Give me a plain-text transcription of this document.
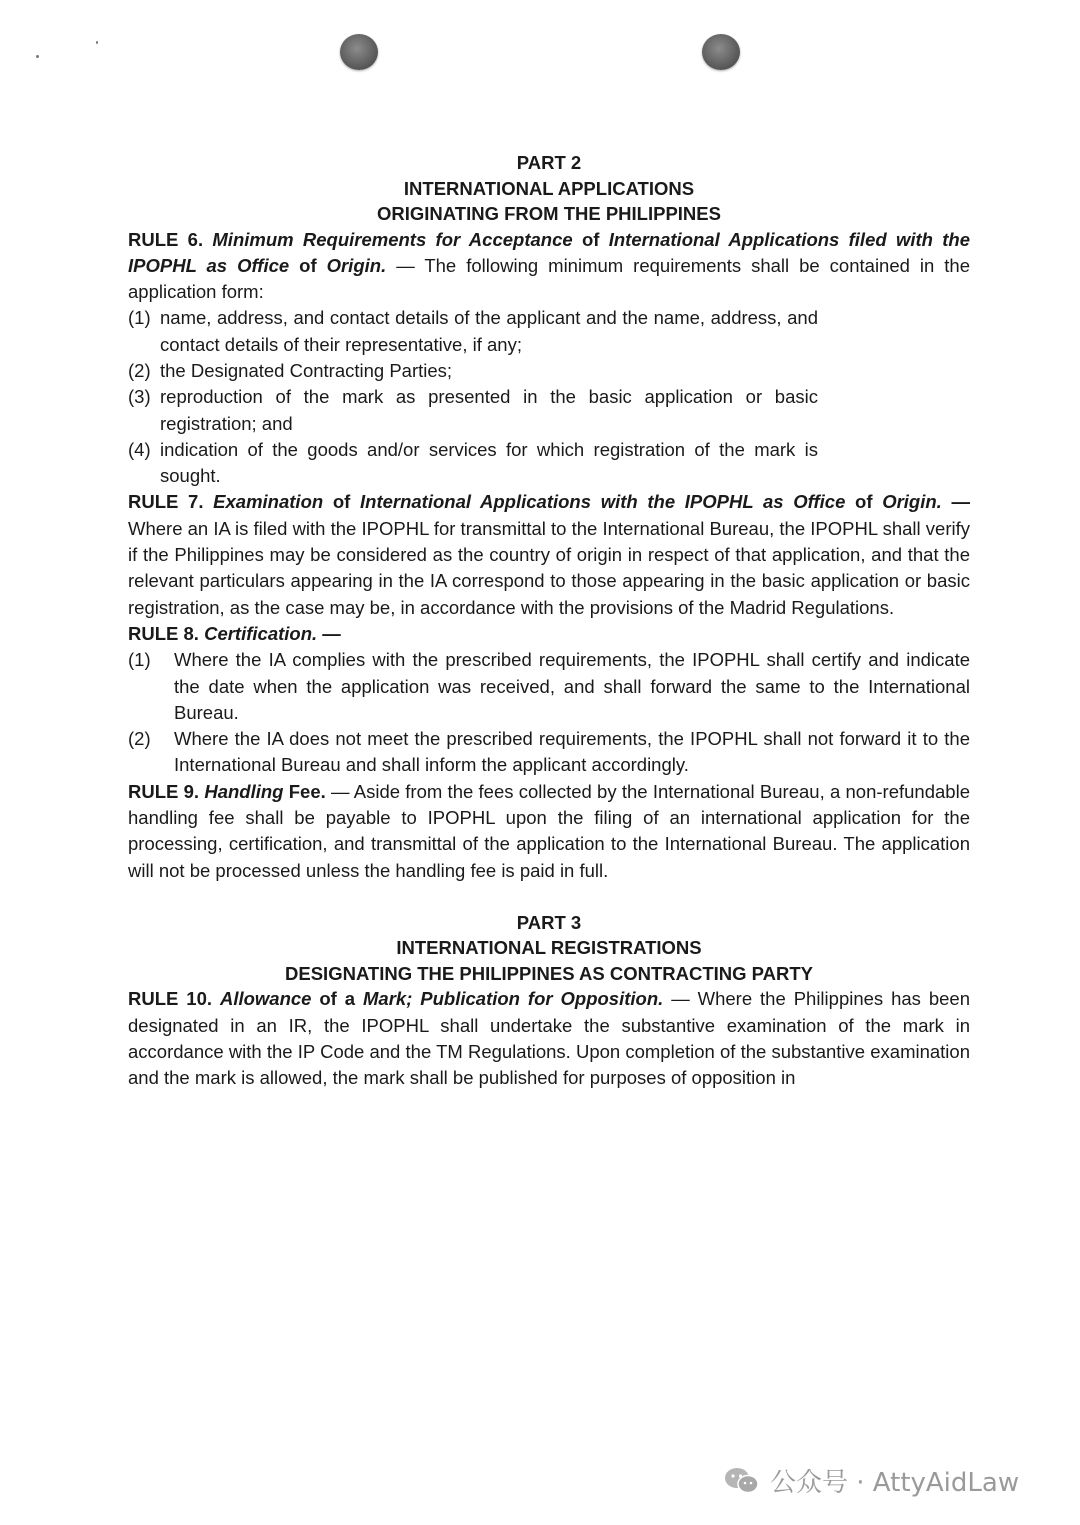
PART 2
INTERNATIONAL APPLICATIONS
ORIGINATING FROM THE PHILIPPINES

RULE 6. Minimum Requirements for Acceptance of International Applications filed with the IPOPHL as Office of Origin. — The following minimum requirements shall be contained in the application form:

(1) name, address, and contact details of the applicant and the name, address, and contact details of their representative, if any;
(2) the Designated Contracting Parties;
(3) reproduction of the mark as presented in the basic application or basic registration; and
(4) indication of the goods and/or services for which registration of the mark is sought.

RULE 7. Examination of International Applications with the IPOPHL as Office of Origin. — Where an IA is filed with the IPOPHL for transmittal to the International Bureau, the IPOPHL shall verify if the Philippines may be considered as the country of origin in respect of that application, and that the relevant particulars appearing in the IA correspond to those appearing in the basic application or basic registration, as the case may be, in accordance with the provisions of the Madrid Regulations.

RULE 8. Certification. —

(1) Where the IA complies with the prescribed requirements, the IPOPHL shall certify and indicate the date when the application was received, and shall forward the same to the International Bureau.
(2) Where the IA does not meet the prescribed requirements, the IPOPHL shall not forward it to the International Bureau and shall inform the applicant accordingly.

RULE 9. Handling Fee. — Aside from the fees collected by the International Bureau, a non-refundable handling fee shall be payable to IPOPHL upon the filing of an international application for the processing, certification, and transmittal of the application to the International Bureau. The application will not be processed unless the handling fee is paid in full.

PART 3
INTERNATIONAL REGISTRATIONS
DESIGNATING THE PHILIPPINES AS CONTRACTING PARTY

RULE 10. Allowance of a Mark; Publication for Opposition. — Where the Philippines has been designated in an IR, the IPOPHL shall undertake the substantive examination of the mark in accordance with the IP Code and the TM Regulations. Upon completion of the substantive examination and the mark is allowed, the mark shall be published for purposes of opposition in

公众号 · AttyAidLaw
